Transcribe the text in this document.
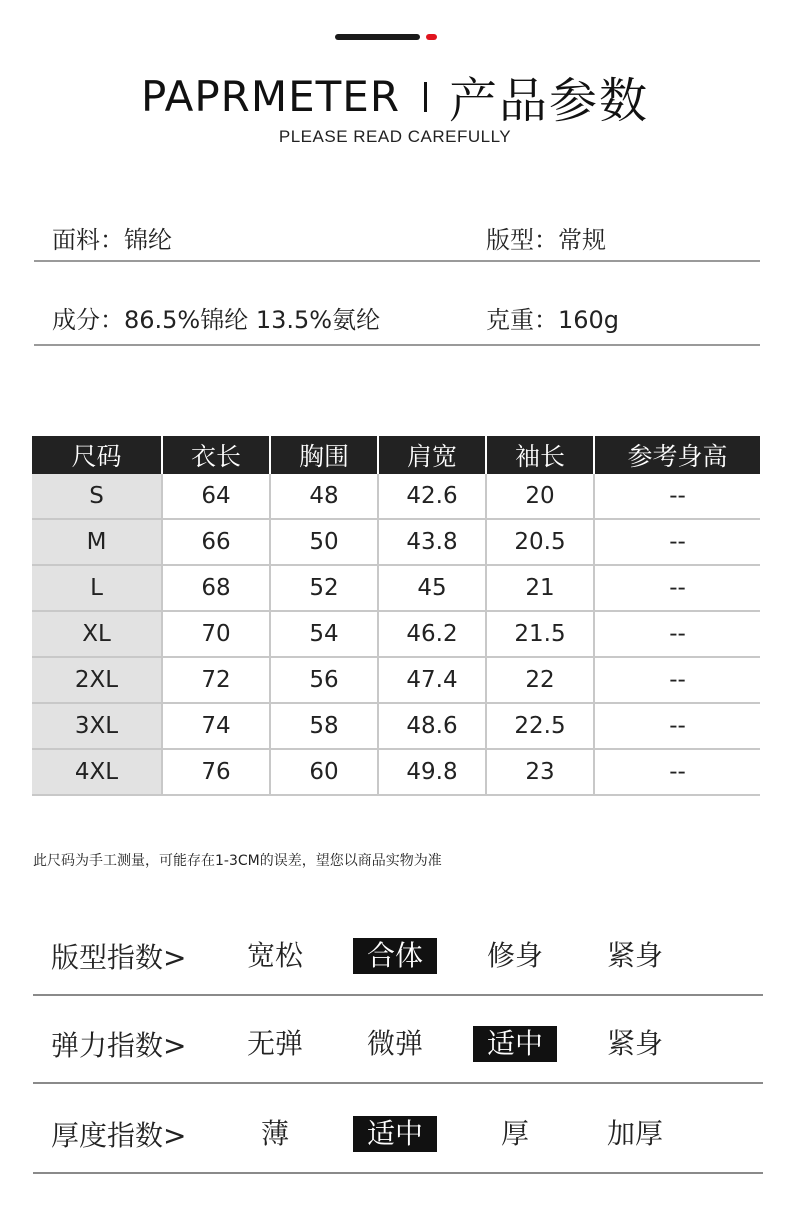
PAPRMETER 产品参数
PLEASE READ CAREFULLY
面料：锦纶	版型：常规
成分：86.5%锦纶 13.5%氨纶	克重：160g
尺码	衣长	胸围	肩宽	袖长	参考身高
S	64	48	42.6	20	--
M	66	50	43.8	20.5	--
L	68	52	45	21	--
XL	70	54	46.2	21.5	--
2XL	72	56	47.4	22	--
3XL	74	58	48.6	22.5	--
4XL	76	60	49.8	23	--
此尺码为手工测量，可能存在1-3CM的误差，望您以商品实物为准
版型指数>	宽松	合体	修身	紧身
弹力指数>	无弹	微弹	适中	紧身
厚度指数>	薄	适中	厚	加厚
